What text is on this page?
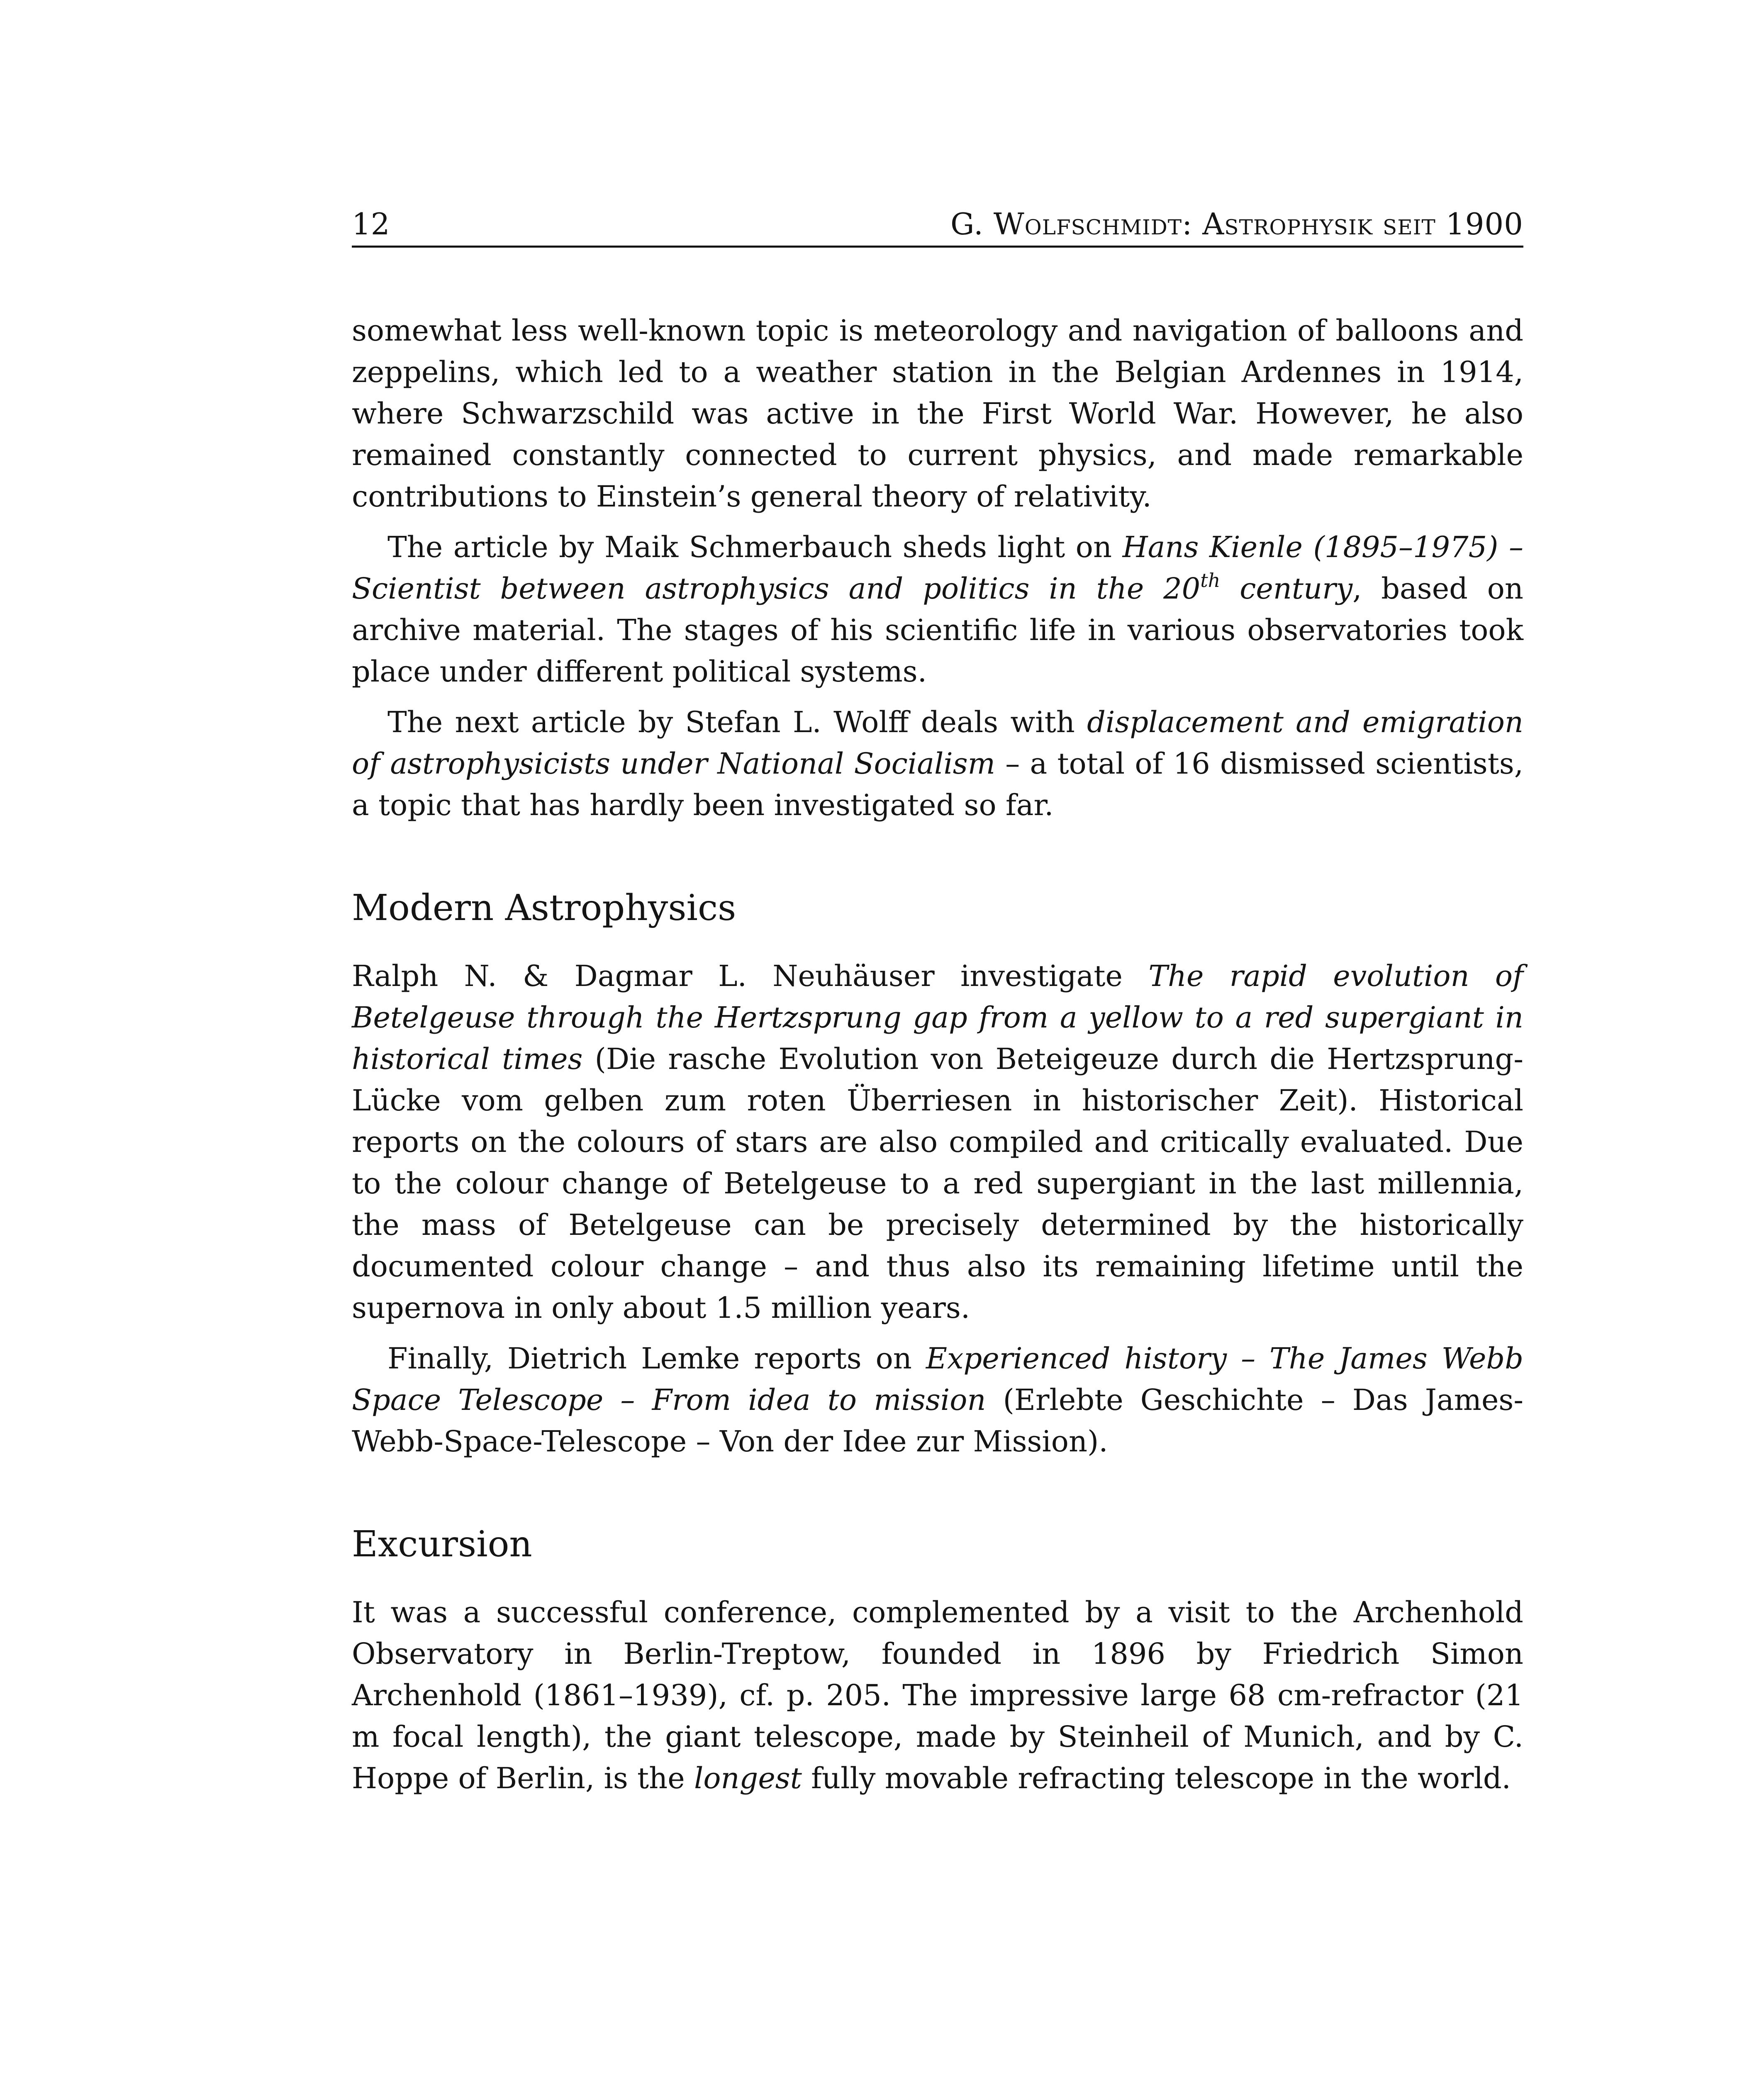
12	G. Wolfschmidt: Astrophysik seit 1900

somewhat less well-known topic is meteorology and navigation of balloons and zeppelins, which led to a weather station in the Belgian Ardennes in 1914, where Schwarzschild was active in the First World War. However, he also remained constantly connected to current physics, and made remarkable contributions to Einstein’s general theory of relativity.

The article by Maik Schmerbauch sheds light on Hans Kienle (1895–1975) – Scientist between astrophysics and politics in the 20th century, based on archive material. The stages of his scientific life in various observatories took place under different political systems.

The next article by Stefan L. Wolff deals with displacement and emigration of astrophysicists under National Socialism – a total of 16 dismissed scientists, a topic that has hardly been investigated so far.

Modern Astrophysics

Ralph N. & Dagmar L. Neuhäuser investigate The rapid evolution of Betelgeuse through the Hertzsprung gap from a yellow to a red supergiant in historical times (Die rasche Evolution von Beteigeuze durch die Hertzsprung-Lücke vom gelben zum roten Überriesen in historischer Zeit). Historical reports on the colours of stars are also compiled and critically evaluated. Due to the colour change of Betelgeuse to a red supergiant in the last millennia, the mass of Betelgeuse can be precisely determined by the historically documented colour change – and thus also its remaining lifetime until the supernova in only about 1.5 million years.

Finally, Dietrich Lemke reports on Experienced history – The James Webb Space Telescope – From idea to mission (Erlebte Geschichte – Das James-Webb-Space-Telescope – Von der Idee zur Mission).

Excursion

It was a successful conference, complemented by a visit to the Archenhold Observatory in Berlin-Treptow, founded in 1896 by Friedrich Simon Archenhold (1861–1939), cf. p. 205. The impressive large 68 cm-refractor (21 m focal length), the giant telescope, made by Steinheil of Munich, and by C. Hoppe of Berlin, is the longest fully movable refracting telescope in the world.
